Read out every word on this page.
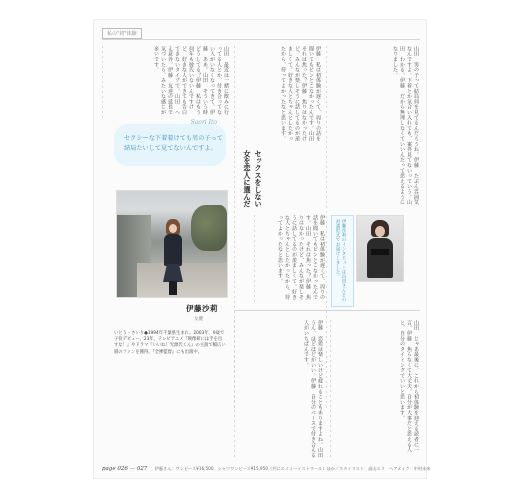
私の"初"体験
山田　男の子って結局何を見てるんだろうね。伊藤　たぶん雰囲気なんですよ。下着とか気合い入れても、案外見てないっていう。山田　わかる。伊藤　だから無理しなくていいんだって思えるようになりました。
伊藤　私は初体験が遅くて、周りの話を聞いてもピンとこなかったんです。山田　それは焦った？伊藤　焦りはなかったけど、みんなが楽しそうに話してるのが羨ましくて。好きな人とちゃんとしたかったから、待ってよかったなと思います。
山田　最近は一緒に飲みに行ってる人とか、付き合ってない人がいなくなってきて。伊藤　ああ。山田　そういう時どうしてる？伊藤　私はもう何年も彼氏いないんですけど、好きな人ができても告白できないタイプで。山田　へえ意外。伊藤　友達の延長で気づいたら、みたいな感じが多いです。
Saori Ito
セクシーな下着着けても男の子って
結局たいして見てないんですよ。
伊藤沙莉
女優
いとう・さいり●1994年千葉県生まれ。2003年、9歳で子役デビュー。23年、テレビアニメ『映像研には手を出すな！』やドラマ『いいね！光源氏くん』の主演で幅広い層のファンを獲得。『全裸監督』にも出演中。
セックスをしない
女を恋人に選んだ
伊藤　私は初体験が遅くて、周りの話を聞いてもピンとこなかったんです。山田　それは焦った？伊藤　焦りはなかったけど、みんなが楽しそうに話してるのが羨ましくて。好きな人とちゃんとしたかったから、待ってよかったなと思います。	伊藤沙莉のインタビューは山田さんとの対談形式でお届けしました。
伊藤　恋愛は楽しいけど疲れることもありますよね。山田　うん、ほどほどがいい。伊藤　自分のペースで付き合える人がいちばんです。	山田　じゃあ最後に、これから初体験を迎える読者に一言。伊藤　焦らなくて大丈夫。自分が大事だと思える人と、自分のタイミングでいいと思います。
page 026 — 027 伊藤さん：ワンピース¥16,500、シャツワンピース¥15,950（共にエイミーイストワール）ほか／スタイリスト：高山エリ　ヘアメイク：中村未来
